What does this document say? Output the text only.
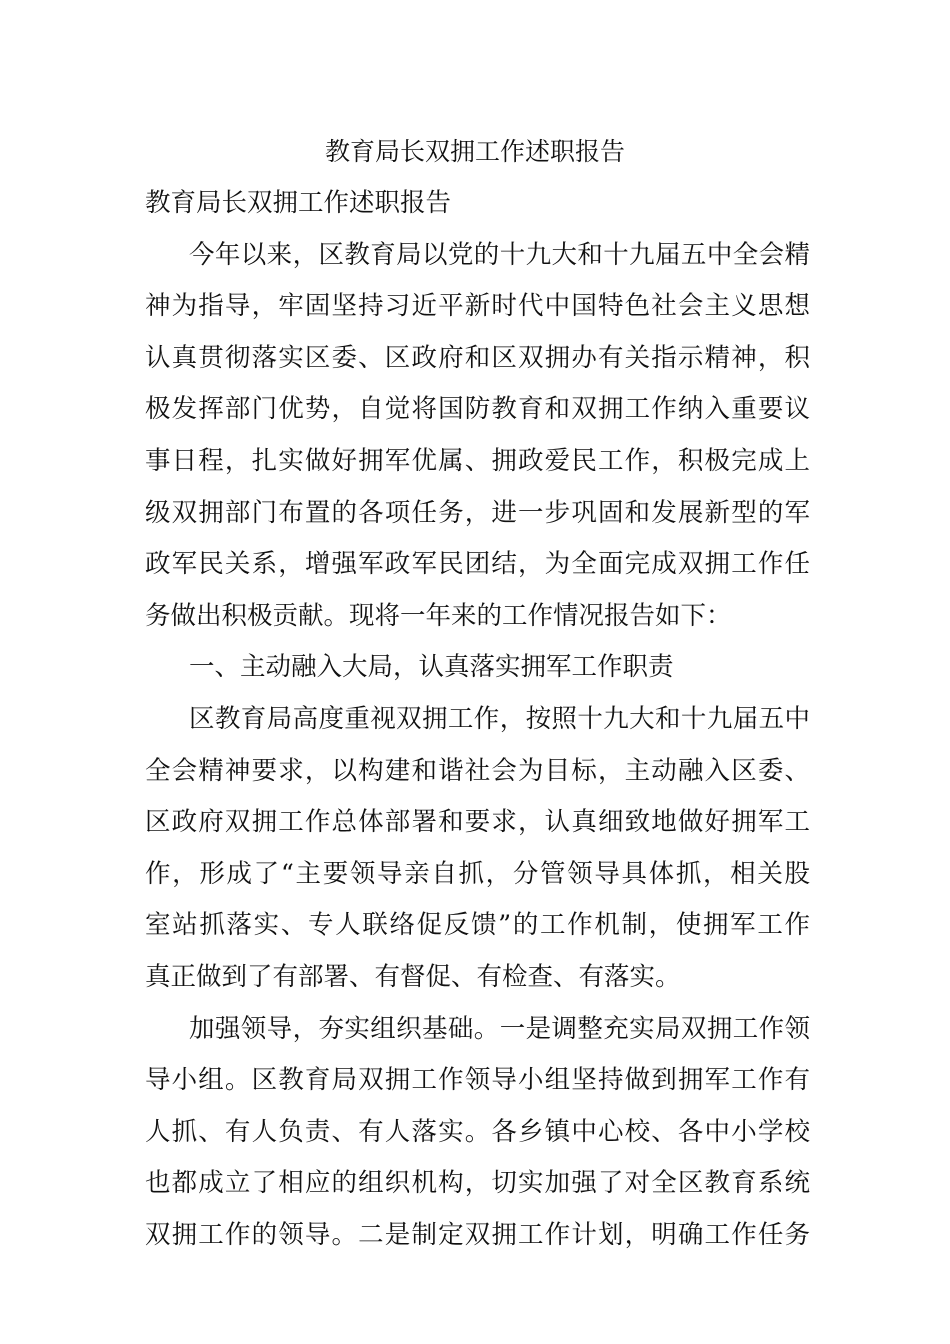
教育局长双拥工作述职报告
教育局长双拥工作述职报告
今年以来，区教育局以党的十九大和十九届五中全会精
神为指导，牢固坚持习近平新时代中国特色社会主义思想
认真贯彻落实区委、区政府和区双拥办有关指示精神，积
极发挥部门优势，自觉将国防教育和双拥工作纳入重要议
事日程，扎实做好拥军优属、拥政爱民工作，积极完成上
级双拥部门布置的各项任务，进一步巩固和发展新型的军
政军民关系，增强军政军民团结，为全面完成双拥工作任
务做出积极贡献。现将一年来的工作情况报告如下：
一、主动融入大局，认真落实拥军工作职责
区教育局高度重视双拥工作，按照十九大和十九届五中
全会精神要求，以构建和谐社会为目标，主动融入区委、
区政府双拥工作总体部署和要求，认真细致地做好拥军工
作，形成了“主要领导亲自抓，分管领导具体抓，相关股
室站抓落实、专人联络促反馈”的工作机制，使拥军工作
真正做到了有部署、有督促、有检查、有落实。
加强领导，夯实组织基础。一是调整充实局双拥工作领
导小组。区教育局双拥工作领导小组坚持做到拥军工作有
人抓、有人负责、有人落实。各乡镇中心校、各中小学校
也都成立了相应的组织机构，切实加强了对全区教育系统
双拥工作的领导。二是制定双拥工作计划，明确工作任务
